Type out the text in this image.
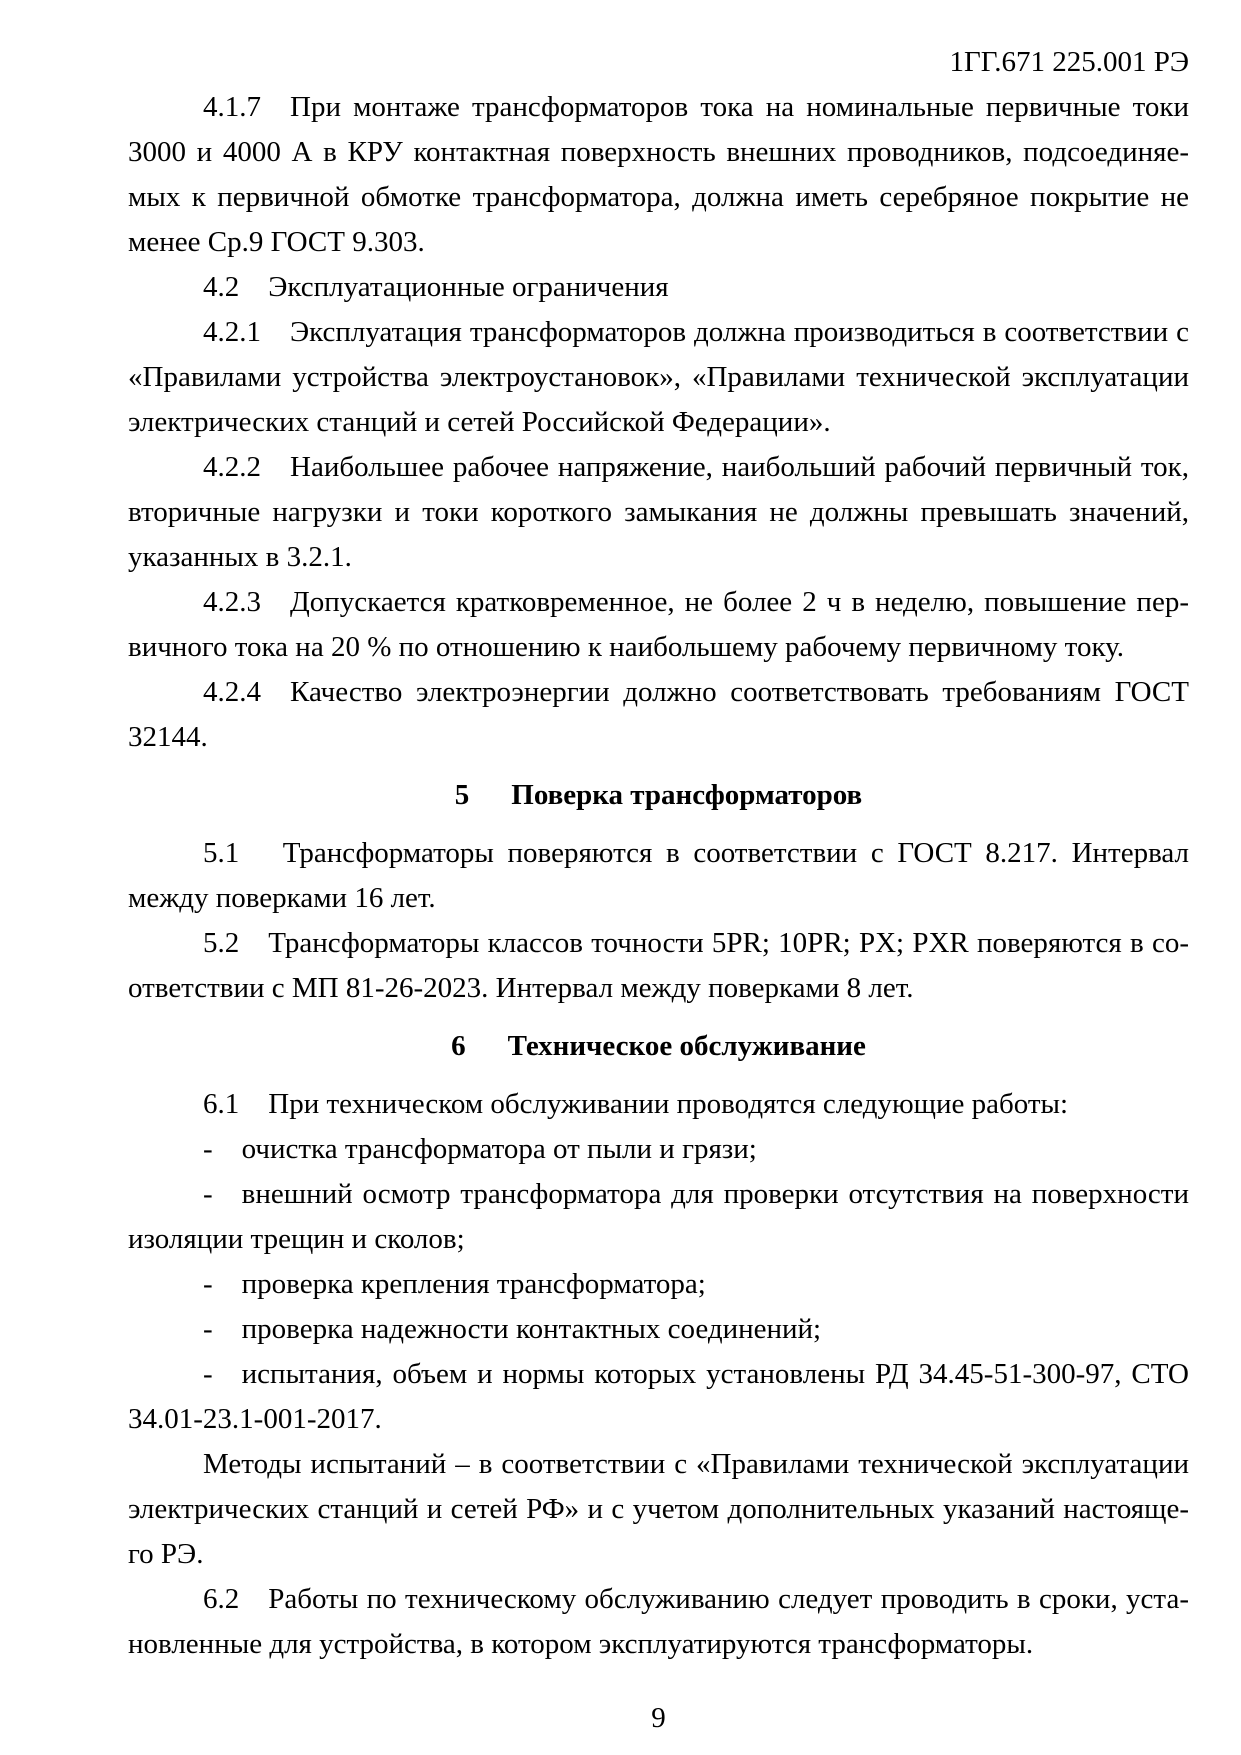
1ГГ.671 225.001 РЭ
4.1.7  При монтаже трансформаторов тока на номинальные первичные токи 3000 и 4000 А в КРУ контактная поверхность внешних проводников, подсоединяемых к первичной обмотке трансформатора, должна иметь серебряное покрытие не менее Ср.9 ГОСТ 9.303.
4.2  Эксплуатационные ограничения
4.2.1  Эксплуатация трансформаторов должна производиться в соответствии с «Правилами устройства электроустановок», «Правилами технической эксплуатации электрических станций и сетей Российской Федерации».
4.2.2  Наибольшее рабочее напряжение, наибольший рабочий первичный ток, вторичные нагрузки и токи короткого замыкания не должны превышать значений, указанных в 3.2.1.
4.2.3  Допускается кратковременное, не более 2 ч в неделю, повышение первичного тока на 20 % по отношению к наибольшему рабочему первичному току.
4.2.4  Качество электроэнергии должно соответствовать требованиям ГОСТ 32144.
5 Поверка трансформаторов
5.1   Трансформаторы поверяются в соответствии с ГОСТ 8.217. Интервал между поверками 16 лет.
5.2  Трансформаторы классов точности 5PR; 10PR; PX; PXR поверяются в соответствии с МП 81-26-2023. Интервал между поверками 8 лет.
6 Техническое обслуживание
6.1  При техническом обслуживании проводятся следующие работы:
-  очистка трансформатора от пыли и грязи;
-  внешний осмотр трансформатора для проверки отсутствия на поверхности изоляции трещин и сколов;
-  проверка крепления трансформатора;
-  проверка надежности контактных соединений;
-  испытания, объем и нормы которых установлены РД 34.45-51-300-97, СТО 34.01-23.1-001-2017.
Методы испытаний – в соответствии с «Правилами технической эксплуатации электрических станций и сетей РФ» и с учетом дополнительных указаний настоящего РЭ.
6.2  Работы по техническому обслуживанию следует проводить в сроки, установленные для устройства, в котором эксплуатируются трансформаторы.
9
